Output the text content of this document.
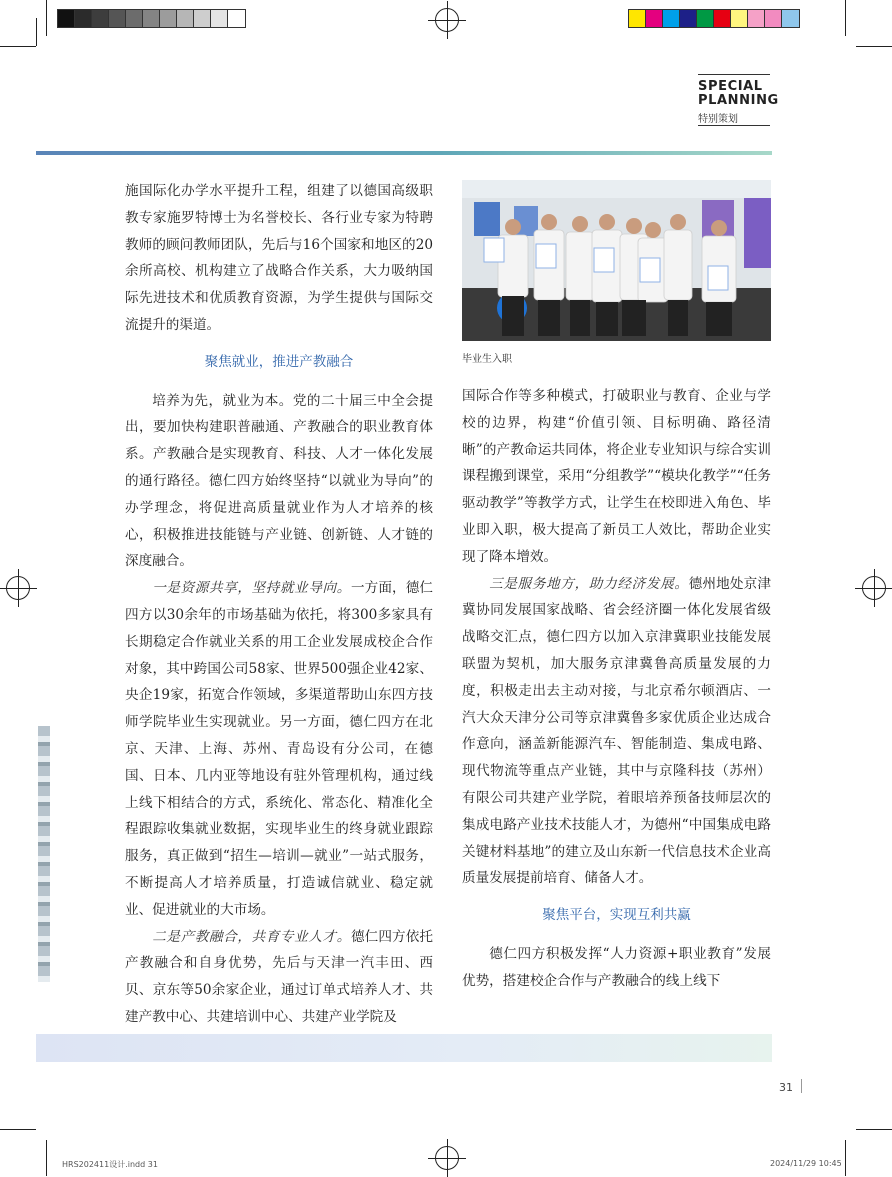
SPECIAL
PLANNING
特别策划
毕业生入职

施国际化办学水平提升工程，组建了以德国高级职教专家施罗特博士为名誉校长、各行业专家为特聘教师的顾问教师团队，先后与16个国家和地区的20余所高校、机构建立了战略合作关系，大力吸纳国际先进技术和优质教育资源，为学生提供与国际交流提升的渠道。

聚焦就业，推进产教融合

培养为先，就业为本。党的二十届三中全会提出，要加快构建职普融通、产教融合的职业教育体系。产教融合是实现教育、科技、人才一体化发展的通行路径。德仁四方始终坚持“以就业为导向”的办学理念，将促进高质量就业作为人才培养的核心，积极推进技能链与产业链、创新链、人才链的深度融合。

一是资源共享，坚持就业导向。一方面，德仁四方以30余年的市场基础为依托，将300多家具有长期稳定合作就业关系的用工企业发展成校企合作对象，其中跨国公司58家、世界500强企业42家、央企19家，拓宽合作领域，多渠道帮助山东四方技师学院毕业生实现就业。另一方面，德仁四方在北京、天津、上海、苏州、青岛设有分公司，在德国、日本、几内亚等地设有驻外管理机构，通过线上线下相结合的方式，系统化、常态化、精准化全程跟踪收集就业数据，实现毕业生的终身就业跟踪服务，真正做到“招生—培训—就业”一站式服务，不断提高人才培养质量，打造诚信就业、稳定就业、促进就业的大市场。

二是产教融合，共育专业人才。德仁四方依托产教融合和自身优势，先后与天津一汽丰田、西贝、京东等50余家企业，通过订单式培养人才、共建产教中心、共建培训中心、共建产业学院及

国际合作等多种模式，打破职业与教育、企业与学校的边界，构建“价值引领、目标明确、路径清晰”的产教命运共同体，将企业专业知识与综合实训课程搬到课堂，采用“分组教学”“模块化教学”“任务驱动教学”等教学方式，让学生在校即进入角色、毕业即入职，极大提高了新员工人效比，帮助企业实现了降本增效。

三是服务地方，助力经济发展。德州地处京津冀协同发展国家战略、省会经济圈一体化发展省级战略交汇点，德仁四方以加入京津冀职业技能发展联盟为契机，加大服务京津冀鲁高质量发展的力度，积极走出去主动对接，与北京希尔顿酒店、一汽大众天津分公司等京津冀鲁多家优质企业达成合作意向，涵盖新能源汽车、智能制造、集成电路、现代物流等重点产业链，其中与京隆科技（苏州）有限公司共建产业学院，着眼培养预备技师层次的集成电路产业技术技能人才，为德州“中国集成电路关键材料基地”的建立及山东新一代信息技术企业高质量发展提前培育、储备人才。

聚焦平台，实现互利共赢

德仁四方积极发挥“人力资源+职业教育”发展优势，搭建校企合作与产教融合的线上线下

31
HRS202411设计.indd 31	2024/11/29 10:45
